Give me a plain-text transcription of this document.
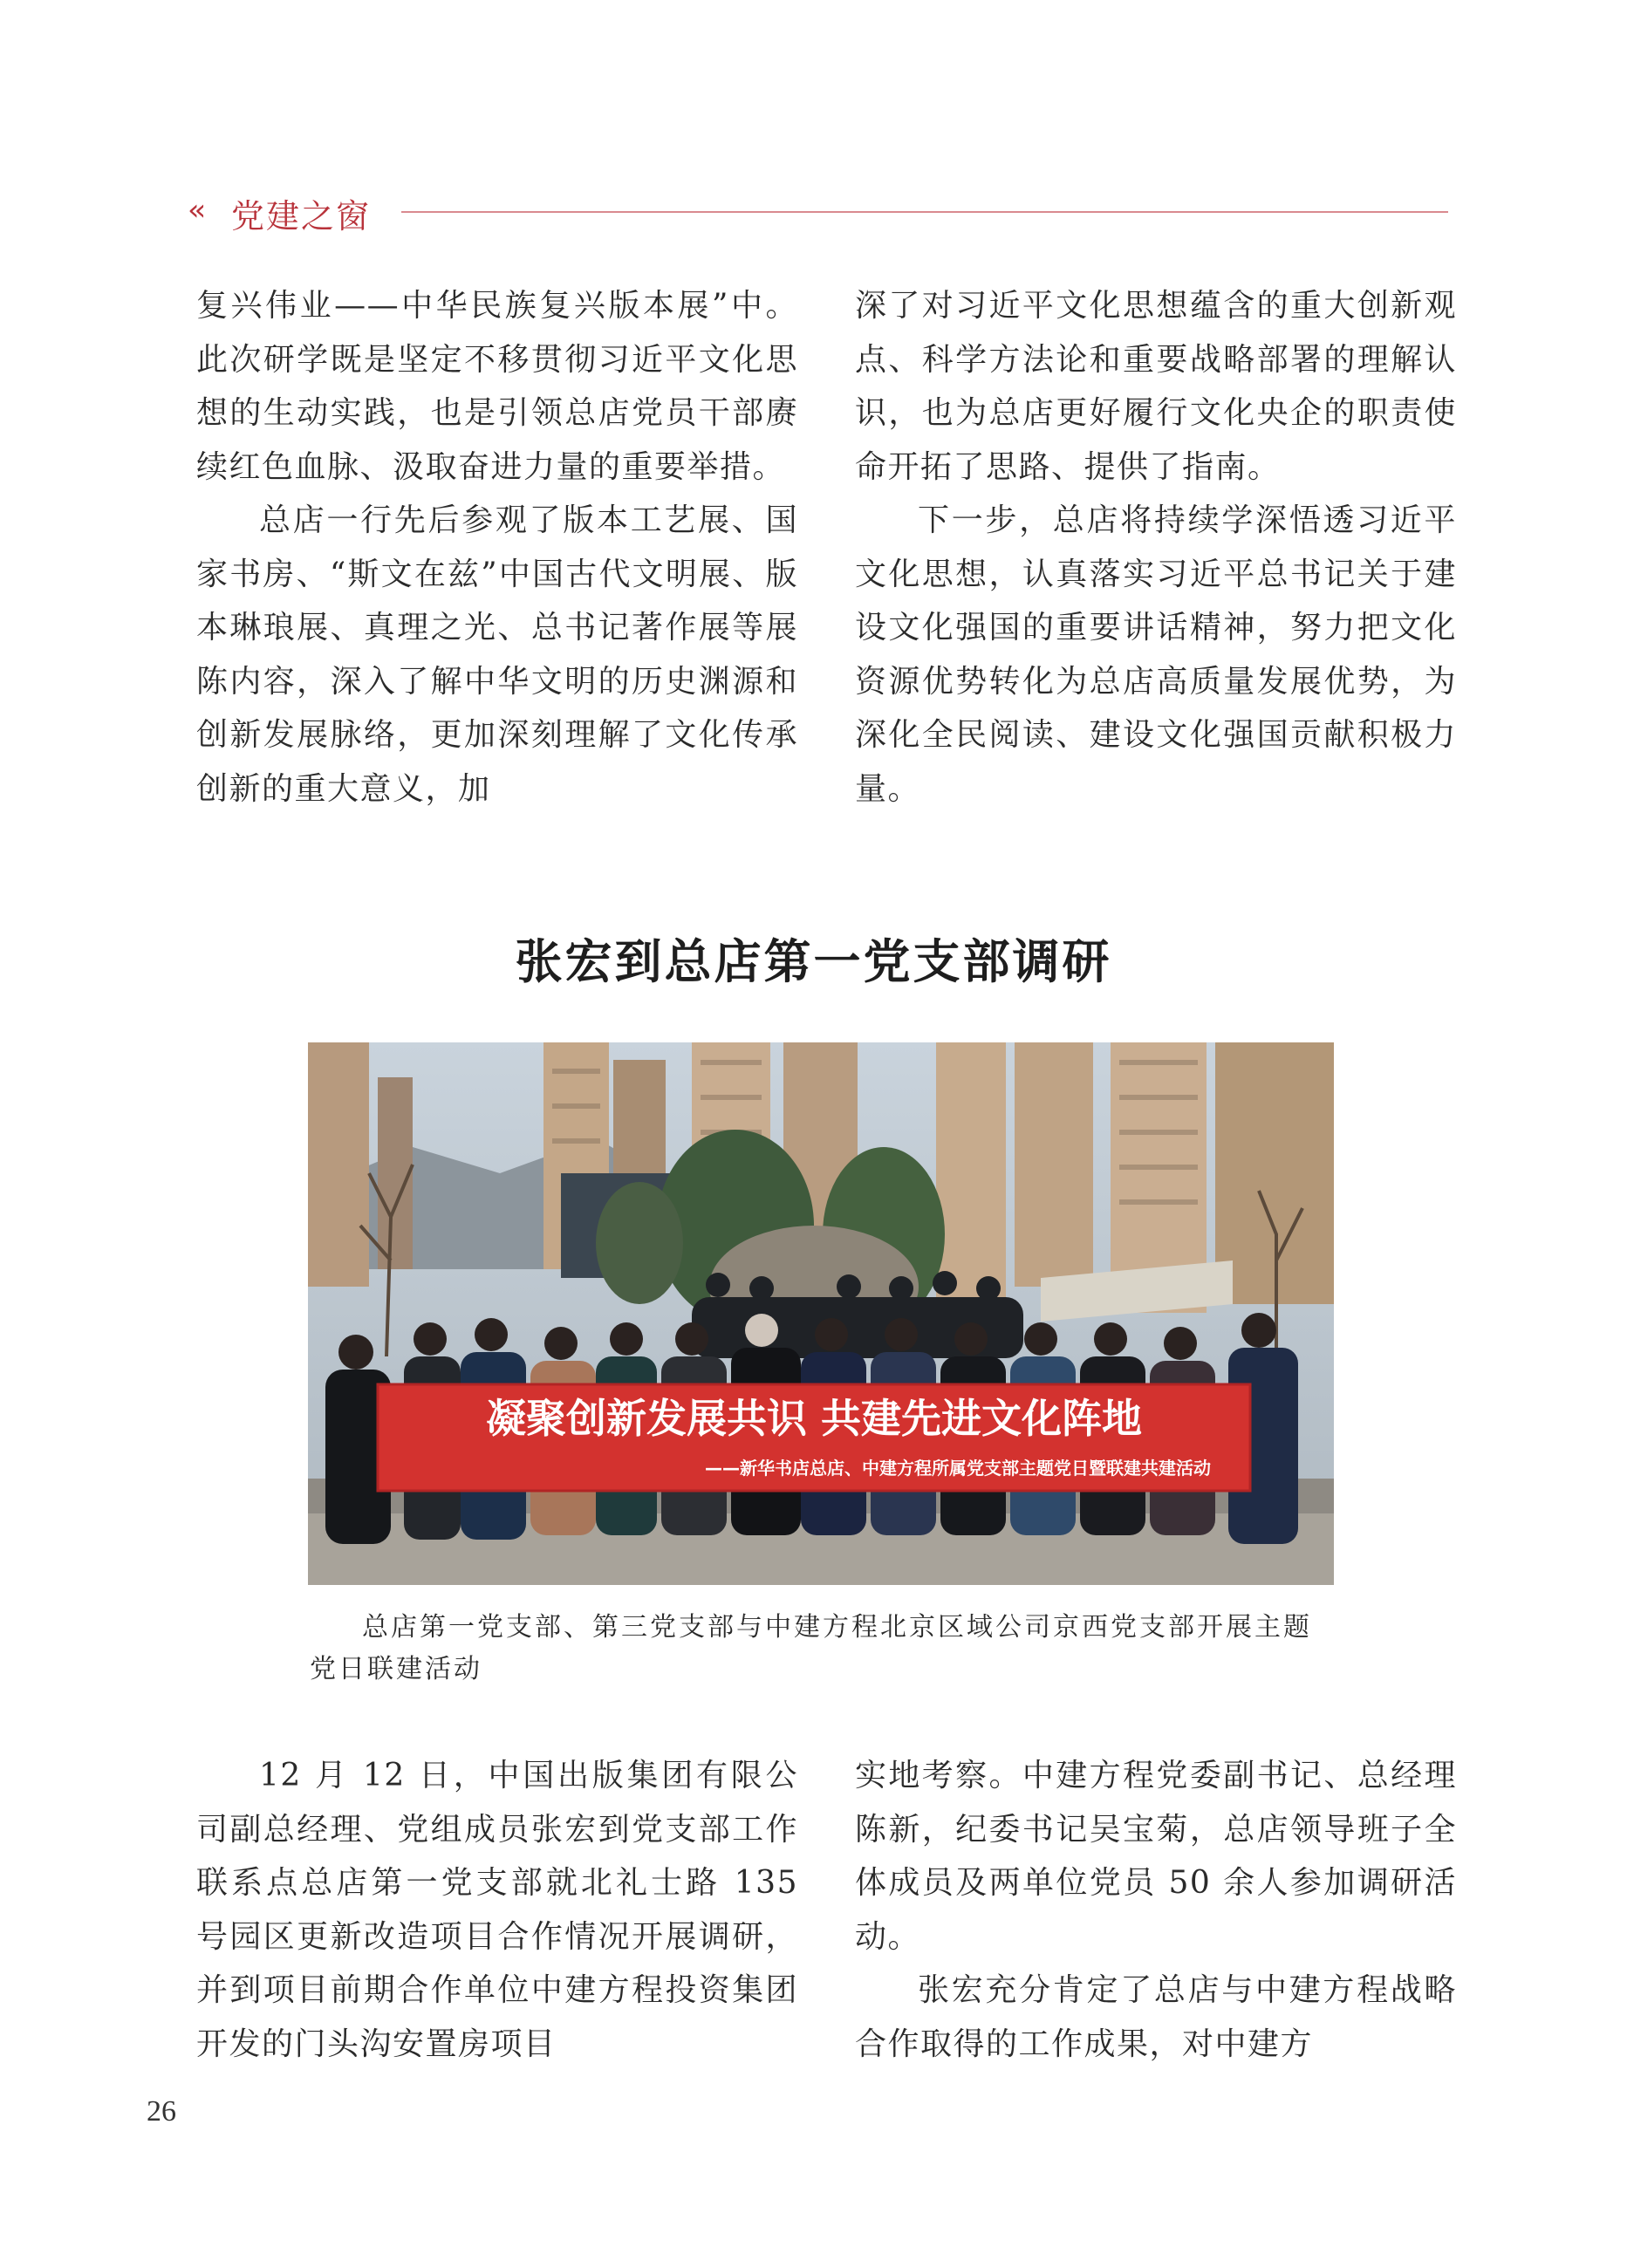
‹‹ 党建之窗

复兴伟业——中华民族复兴版本展”中。此次研学既是坚定不移贯彻习近平文化思想的生动实践，也是引领总店党员干部赓续红色血脉、汲取奋进力量的重要举措。

总店一行先后参观了版本工艺展、国家书房、“斯文在兹”中国古代文明展、版本琳琅展、真理之光、总书记著作展等展陈内容，深入了解中华文明的历史渊源和创新发展脉络，更加深刻理解了文化传承创新的重大意义，加

深了对习近平文化思想蕴含的重大创新观点、科学方法论和重要战略部署的理解认识，也为总店更好履行文化央企的职责使命开拓了思路、提供了指南。

下一步，总店将持续学深悟透习近平文化思想，认真落实习近平总书记关于建设文化强国的重要讲话精神，努力把文化资源优势转化为总店高质量发展优势，为深化全民阅读、建设文化强国贡献积极力量。

张宏到总店第一党支部调研
凝聚创新发展共识 共建先进文化阵地
——新华书店总店、中建方程所属党支部主题党日暨联建共建活动

总店第一党支部、第三党支部与中建方程北京区域公司京西党支部开展主题党日联建活动

12 月 12 日，中国出版集团有限公司副总经理、党组成员张宏到党支部工作联系点总店第一党支部就北礼士路 135 号园区更新改造项目合作情况开展调研，并到项目前期合作单位中建方程投资集团开发的门头沟安置房项目

实地考察。中建方程党委副书记、总经理陈新，纪委书记吴宝菊，总店领导班子全体成员及两单位党员 50 余人参加调研活动。

张宏充分肯定了总店与中建方程战略合作取得的工作成果，对中建方

26
